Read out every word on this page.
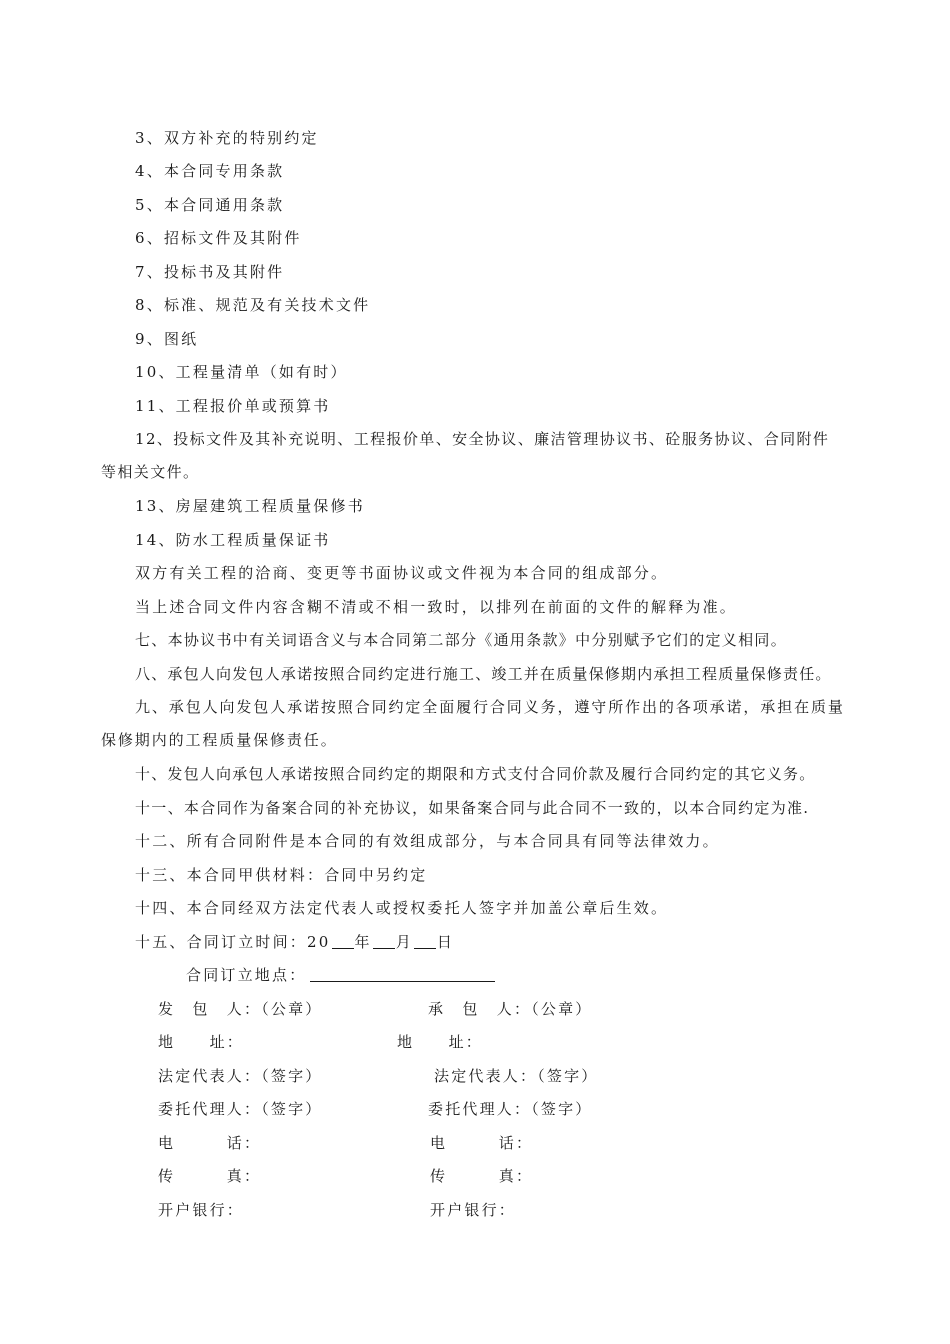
3、双方补充的特别约定
4、本合同专用条款
5、本合同通用条款
6、招标文件及其附件
7、投标书及其附件
8、标准、规范及有关技术文件
9、图纸
10、工程量清单（如有时）
11、工程报价单或预算书
12、投标文件及其补充说明、工程报价单、安全协议、廉洁管理协议书、砼服务协议、合同附件
等相关文件。
13、房屋建筑工程质量保修书
14、防水工程质量保证书
双方有关工程的洽商、变更等书面协议或文件视为本合同的组成部分。
当上述合同文件内容含糊不清或不相一致时，以排列在前面的文件的解释为准。
七、本协议书中有关词语含义与本合同第二部分《通用条款》中分别赋予它们的定义相同。
八、承包人向发包人承诺按照合同约定进行施工、竣工并在质量保修期内承担工程质量保修责任。
九、承包人向发包人承诺按照合同约定全面履行合同义务，遵守所作出的各项承诺，承担在质量
保修期内的工程质量保修责任。
十、发包人向承包人承诺按照合同约定的期限和方式支付合同价款及履行合同约定的其它义务。
十一、本合同作为备案合同的补充协议，如果备案合同与此合同不一致的，以本合同约定为准.
十二、所有合同附件是本合同的有效组成部分，与本合同具有同等法律效力。
十三、本合同甲供材料：合同中另约定
十四、本合同经双方法定代表人或授权委托人签字并加盖公章后生效。
十五、合同订立时间：20 年 月 日
合同订立地点：
发　包　人：（公章）
地　　址：
法定代表人：（签字）
委托代理人：（签字）
电　　　话：
传　　　真：
开户银行：
承　包　人：（公章）
地　　址：
法定代表人：（签字）
委托代理人：（签字）
电　　　话：
传　　　真：
开户银行：
